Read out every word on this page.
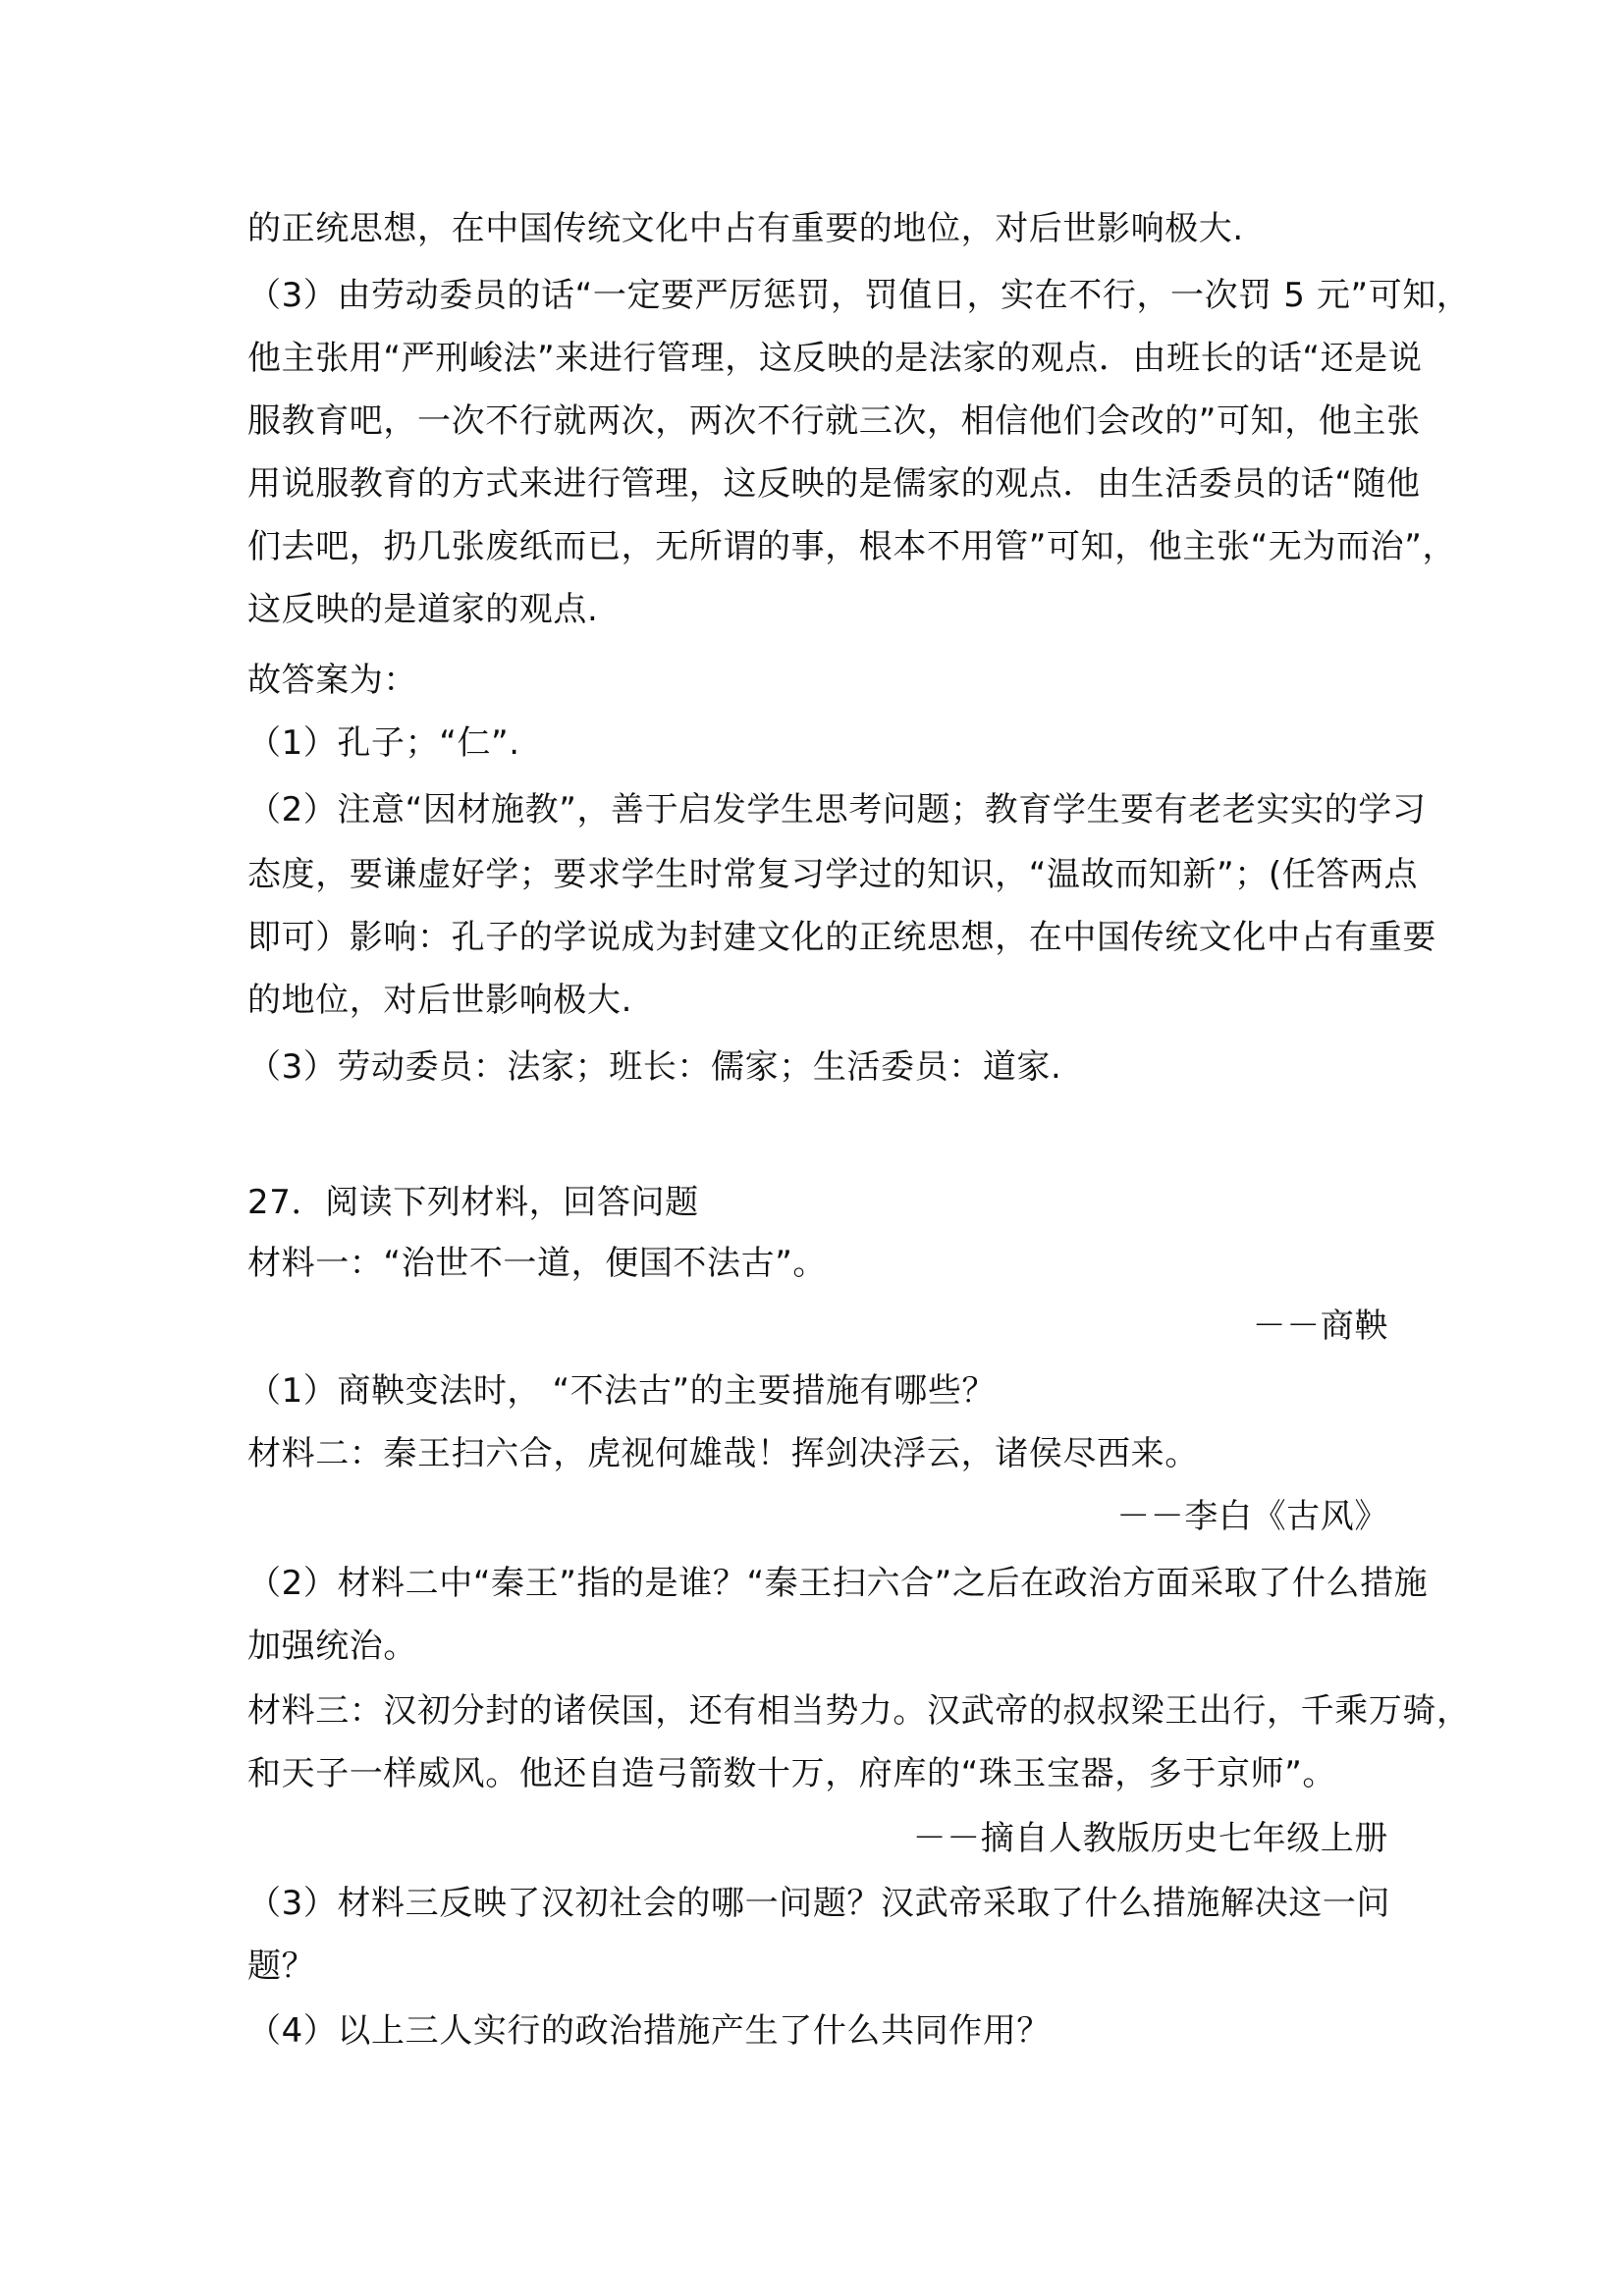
的正统思想，在中国传统文化中占有重要的地位，对后世影响极大.
（3）由劳动委员的话“一定要严厉惩罚，罚值日，实在不行，一次罚 5 元”可知，
他主张用“严刑峻法”来进行管理，这反映的是法家的观点．由班长的话“还是说
服教育吧，一次不行就两次，两次不行就三次，相信他们会改的”可知，他主张
用说服教育的方式来进行管理，这反映的是儒家的观点．由生活委员的话“随他
们去吧，扔几张废纸而已，无所谓的事，根本不用管”可知，他主张“无为而治”，
这反映的是道家的观点.
故答案为：
（1）孔子；“仁”.
（2）注意“因材施教”，善于启发学生思考问题；教育学生要有老老实实的学习
态度，要谦虚好学；要求学生时常复习学过的知识，“温故而知新”；(任答两点
即可）影响：孔子的学说成为封建文化的正统思想，在中国传统文化中占有重要
的地位，对后世影响极大.
（3）劳动委员：法家；班长：儒家；生活委员：道家.
27．阅读下列材料，回答问题
材料一：“治世不一道，便国不法古”。
－－商鞅
（1）商鞅变法时， “不法古”的主要措施有哪些？
材料二：秦王扫六合，虎视何雄哉！挥剑决浮云，诸侯尽西来。
－－李白《古风》
（2）材料二中“秦王”指的是谁？“秦王扫六合”之后在政治方面采取了什么措施
加强统治。
材料三：汉初分封的诸侯国，还有相当势力。汉武帝的叔叔梁王出行，千乘万骑，
和天子一样威风。他还自造弓箭数十万，府库的“珠玉宝器，多于京师”。
－－摘自人教版历史七年级上册
（3）材料三反映了汉初社会的哪一问题？汉武帝采取了什么措施解决这一问
题？
（4）以上三人实行的政治措施产生了什么共同作用？
